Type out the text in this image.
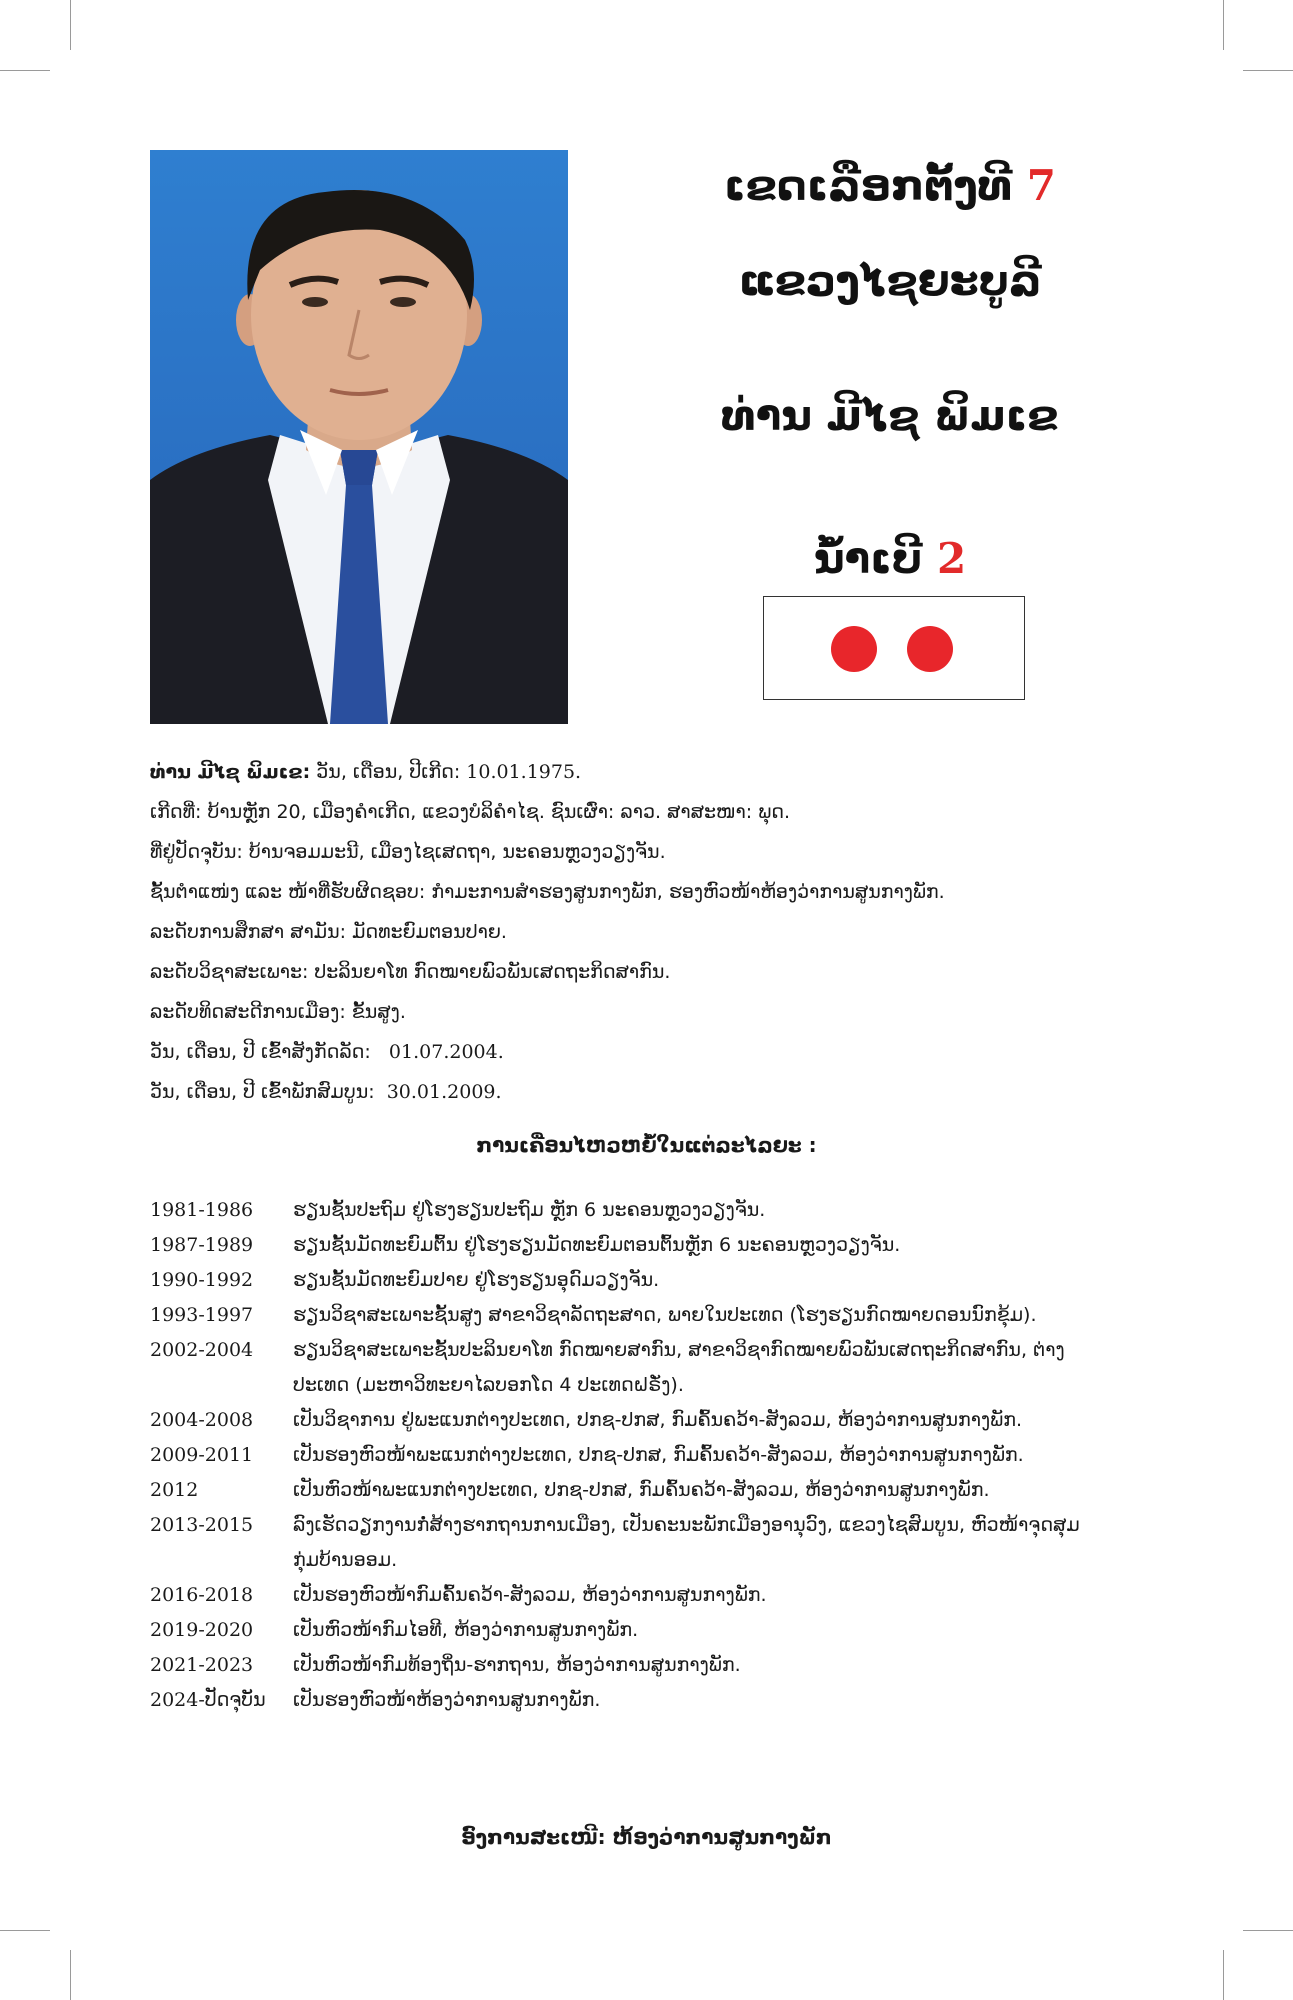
ເຂດເລືອກຕັ້ງທີ 7
ແຂວງໄຊຍະບູລີ
ທ່ານ ມີໄຊ ພິມເຂ
ນໍ້າເບີ 2
ທ່ານ ມີໄຊ ພິມເຂ: ວັນ, ເດືອນ, ປີເກີດ: 10.01.1975.
ເກີດທີ່: ບ້ານຫຼັກ 20, ເມືອງຄໍາເກີດ, ແຂວງບໍລິຄໍາໄຊ. ຊົນເຜົ່າ: ລາວ. ສາສະໜາ: ພຸດ.
ທີ່ຢູ່ປັດຈຸບັນ: ບ້ານຈອມມະນີ, ເມືອງໄຊເສດຖາ, ນະຄອນຫຼວງວຽງຈັນ.
ຊັ້ນຕໍາແໜ່ງ ແລະ ໜ້າທີ່ຮັບຜິດຊອບ: ກໍາມະການສໍາຮອງສູນກາງພັກ, ຮອງຫົວໜ້າຫ້ອງວ່າການສູນກາງພັກ.
ລະດັບການສຶກສາ ສາມັນ: ມັດທະຍົມຕອນປາຍ.
ລະດັບວິຊາສະເພາະ: ປະລິນຍາໂທ ກົດໝາຍພົວພັນເສດຖະກິດສາກົນ.
ລະດັບທິດສະດີການເມືອງ: ຂັ້ນສູງ.
ວັນ, ເດືອນ, ປີ ເຂົ້າສັງກັດລັດ: 01.07.2004.
ວັນ, ເດືອນ, ປີ ເຂົ້າພັກສົມບູນ: 30.01.2009.
ການເຄື່ອນໄຫວຫຍໍ້ໃນແຕ່ລະໄລຍະ :
1981-1986	ຮຽນຊັ້ນປະຖົມ ຢູ່ໂຮງຮຽນປະຖົມ ຫຼັກ 6 ນະຄອນຫຼວງວຽງຈັນ.
1987-1989	ຮຽນຊັ້ນມັດທະຍົມຕົ້ນ ຢູ່ໂຮງຮຽນມັດທະຍົມຕອນຕົ້ນຫຼັກ 6 ນະຄອນຫຼວງວຽງຈັນ.
1990-1992	ຮຽນຊັ້ນມັດທະຍົມປາຍ ຢູ່ໂຮງຮຽນອຸດົມວຽງຈັນ.
1993-1997	ຮຽນວິຊາສະເພາະຊັ້ນສູງ ສາຂາວິຊາລັດຖະສາດ, ພາຍໃນປະເທດ (ໂຮງຮຽນກົດໝາຍດອນນົກຂຸ້ມ).
2002-2004	ຮຽນວິຊາສະເພາະຊັ້ນປະລິນຍາໂທ ກົດໝາຍສາກົນ, ສາຂາວິຊາກົດໝາຍພົວພັນເສດຖະກິດສາກົນ, ຕ່າງ
ປະເທດ (ມະຫາວິທະຍາໄລບອກໂດ 4 ປະເທດຝຣັ່ງ).
2004-2008	ເປັນວິຊາການ ຢູ່ພະແນກຕ່າງປະເທດ, ປກຊ-ປກສ, ກົມຄົ້ນຄວ້າ-ສັງລວມ, ຫ້ອງວ່າການສູນກາງພັກ.
2009-2011	ເປັນຮອງຫົວໜ້າພະແນກຕ່າງປະເທດ, ປກຊ-ປກສ, ກົມຄົ້ນຄວ້າ-ສັງລວມ, ຫ້ອງວ່າການສູນກາງພັກ.
2012	ເປັນຫົວໜ້າພະແນກຕ່າງປະເທດ, ປກຊ-ປກສ, ກົມຄົ້ນຄວ້າ-ສັງລວມ, ຫ້ອງວ່າການສູນກາງພັກ.
2013-2015	ລົງເຮັດວຽກງານກໍ່ສ້າງຮາກຖານການເມືອງ, ເປັນຄະນະພັກເມືອງອານຸວົງ, ແຂວງໄຊສົມບູນ, ຫົວໜ້າຈຸດສຸມ
ກຸ່ມບ້ານອອມ.
2016-2018	ເປັນຮອງຫົວໜ້າກົມຄົ້ນຄວ້າ-ສັງລວມ, ຫ້ອງວ່າການສູນກາງພັກ.
2019-2020	ເປັນຫົວໜ້າກົມໄອທີ, ຫ້ອງວ່າການສູນກາງພັກ.
2021-2023	ເປັນຫົວໜ້າກົມທ້ອງຖິ່ນ-ຮາກຖານ, ຫ້ອງວ່າການສູນກາງພັກ.
2024-ປັດຈຸບັນ	ເປັນຮອງຫົວໜ້າຫ້ອງວ່າການສູນກາງພັກ.
ອົງການສະເໜີ: ຫ້ອງວ່າການສູນກາງພັກ
